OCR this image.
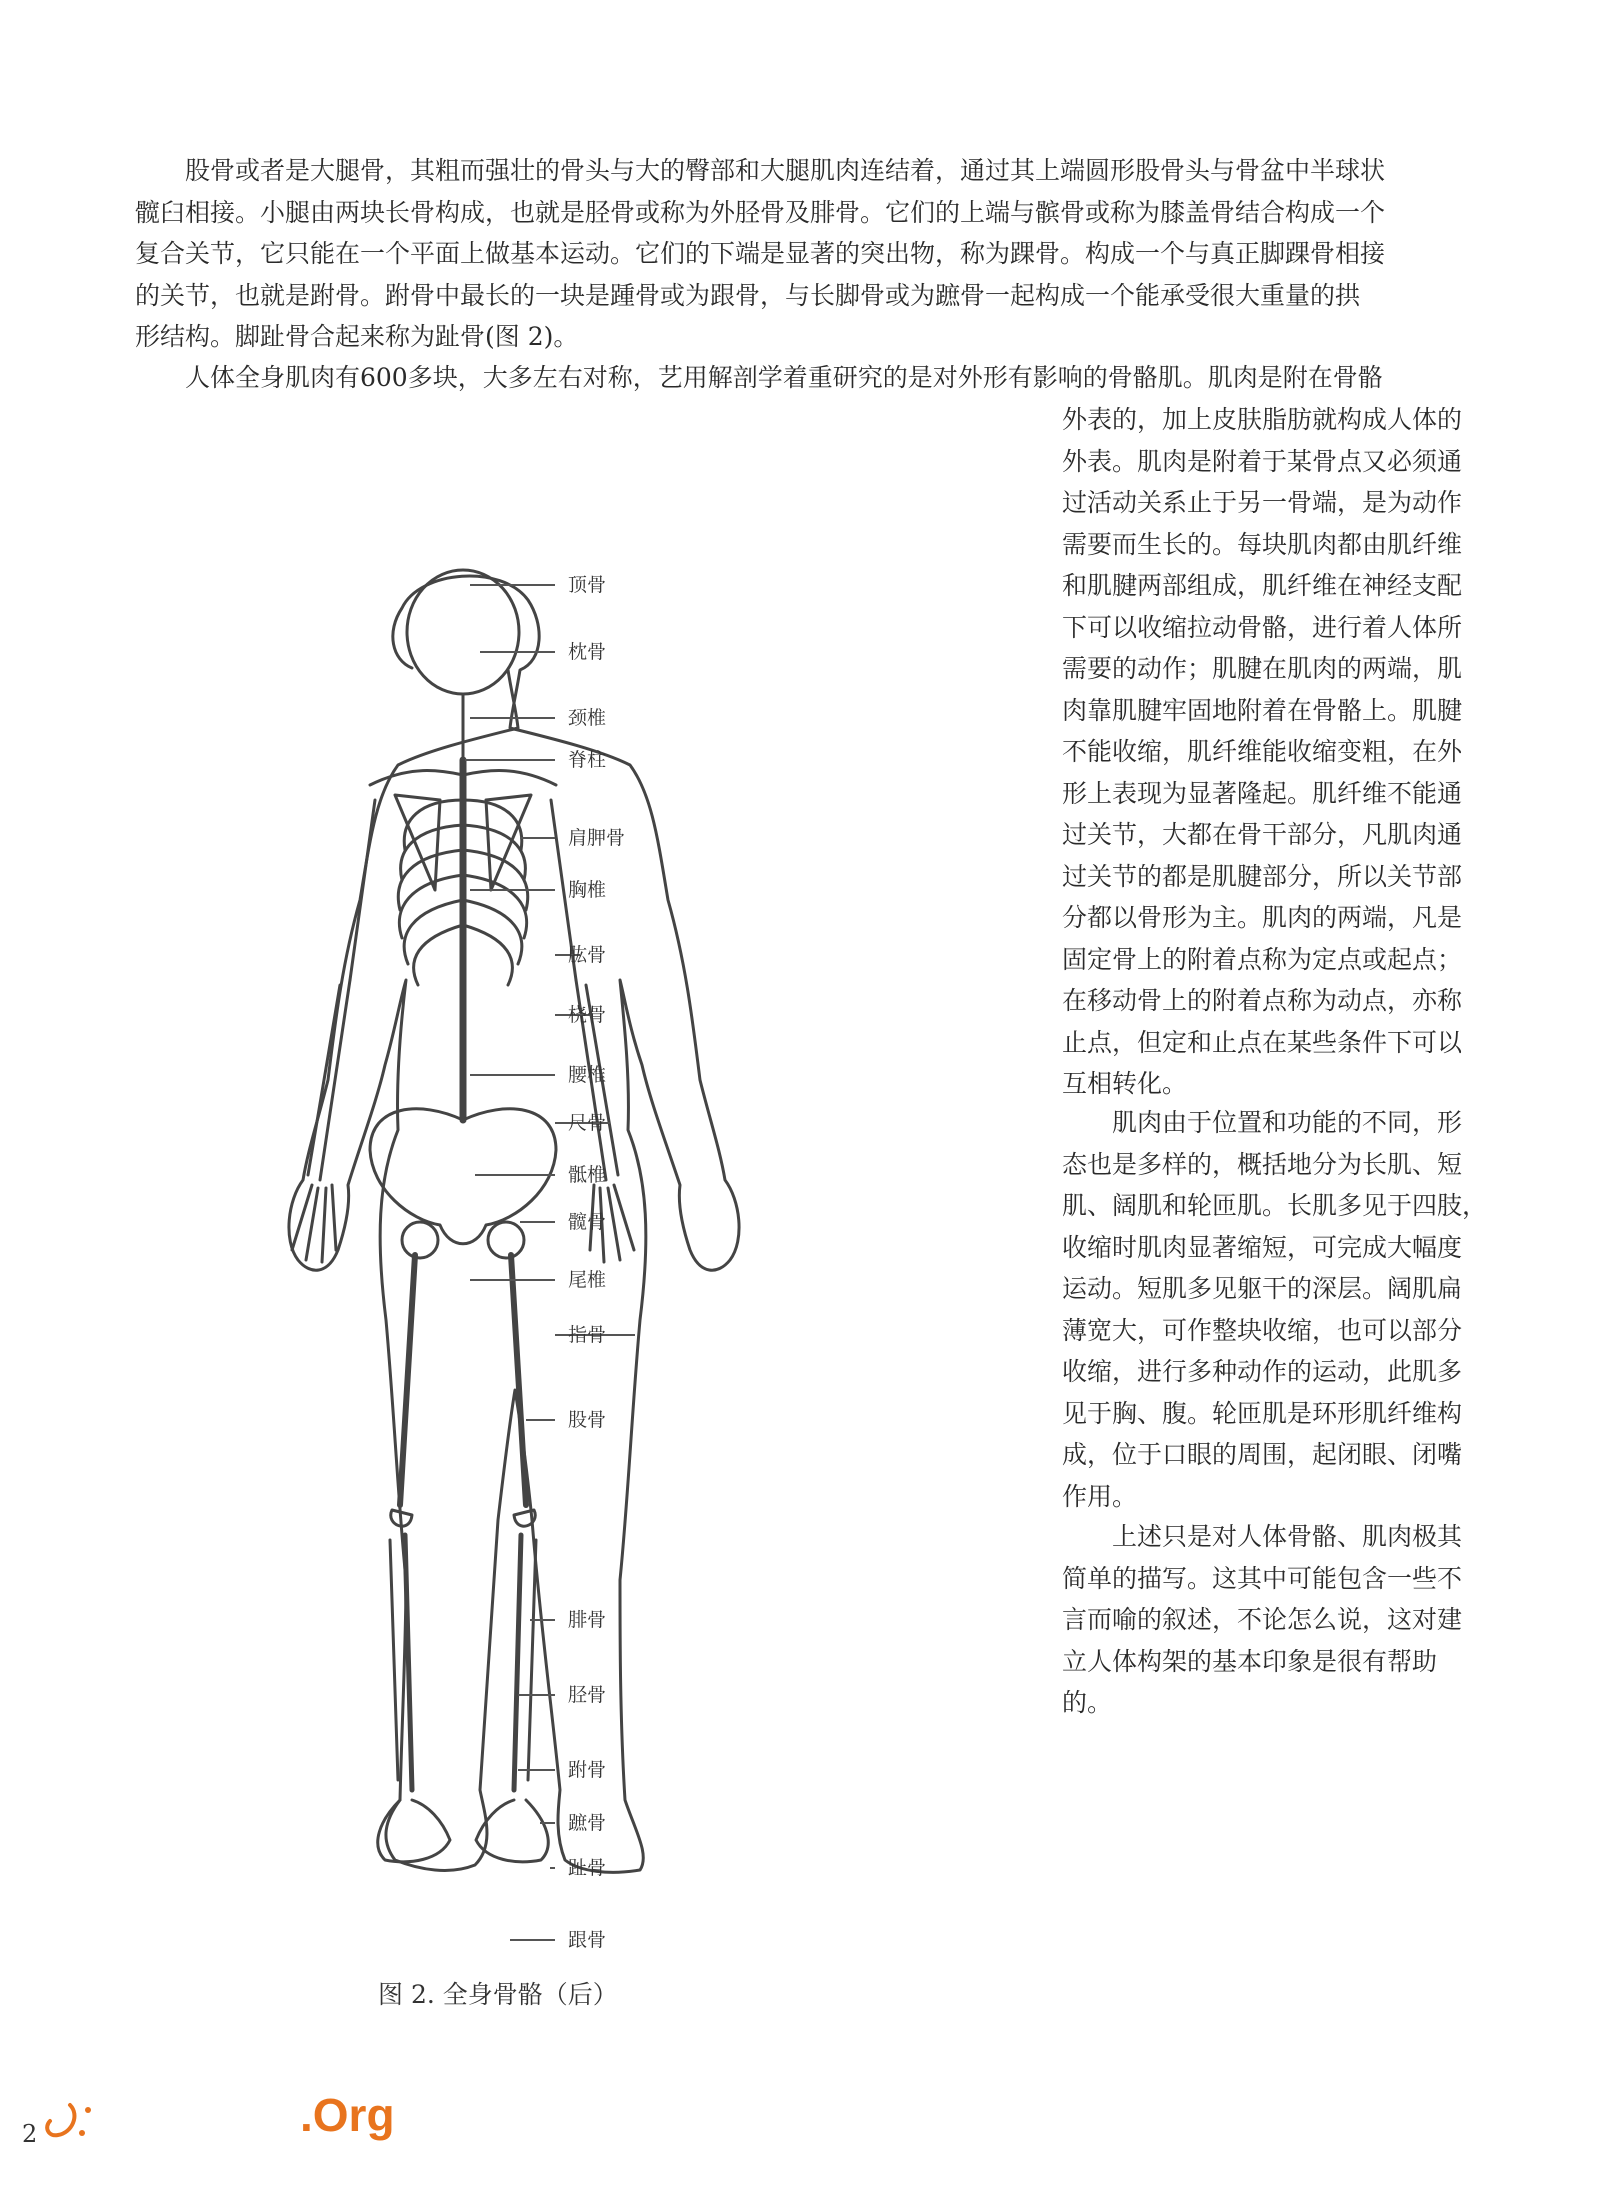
股骨或者是大腿骨，其粗而强壮的骨头与大的臀部和大腿肌肉连结着，通过其上端圆形股骨头与骨盆中半球状
髋臼相接。小腿由两块长骨构成，也就是胫骨或称为外胫骨及腓骨。它们的上端与髌骨或称为膝盖骨结合构成一个
复合关节，它只能在一个平面上做基本运动。它们的下端是显著的突出物，称为踝骨。构成一个与真正脚踝骨相接
的关节，也就是跗骨。跗骨中最长的一块是踵骨或为跟骨，与长脚骨或为蹠骨一起构成一个能承受很大重量的拱
形结构。脚趾骨合起来称为趾骨(图 2)。
人体全身肌肉有600多块，大多左右对称，艺用解剖学着重研究的是对外形有影响的骨骼肌。肌肉是附在骨骼
外表的，加上皮肤脂肪就构成人体的
外表。肌肉是附着于某骨点又必须通
过活动关系止于另一骨端，是为动作
需要而生长的。每块肌肉都由肌纤维
和肌腱两部组成，肌纤维在神经支配
下可以收缩拉动骨骼，进行着人体所
需要的动作；肌腱在肌肉的两端，肌
肉靠肌腱牢固地附着在骨骼上。肌腱
不能收缩，肌纤维能收缩变粗，在外
形上表现为显著隆起。肌纤维不能通
过关节，大都在骨干部分，凡肌肉通
过关节的都是肌腱部分，所以关节部
分都以骨形为主。肌肉的两端，凡是
固定骨上的附着点称为定点或起点；
在移动骨上的附着点称为动点，亦称
止点，但定和止点在某些条件下可以
互相转化。
肌肉由于位置和功能的不同，形
态也是多样的，概括地分为长肌、短
肌、阔肌和轮匝肌。长肌多见于四肢，
收缩时肌肉显著缩短，可完成大幅度
运动。短肌多见躯干的深层。阔肌扁
薄宽大，可作整块收缩，也可以部分
收缩，进行多种动作的运动，此肌多
见于胸、腹。轮匝肌是环形肌纤维构
成，位于口眼的周围，起闭眼、闭嘴
作用。
上述只是对人体骨骼、肌肉极其
简单的描写。这其中可能包含一些不
言而喻的叙述，不论怎么说，这对建
立人体构架的基本印象是很有帮助
的。
顶骨
枕骨
颈椎
脊柱
肩胛骨
胸椎
肱骨
桡骨
腰椎
尺骨
骶椎
髋骨
尾椎
指骨
股骨
腓骨
胫骨
跗骨
蹠骨
趾骨
跟骨
图 2. 全身骨骼（后）
2	.Org
